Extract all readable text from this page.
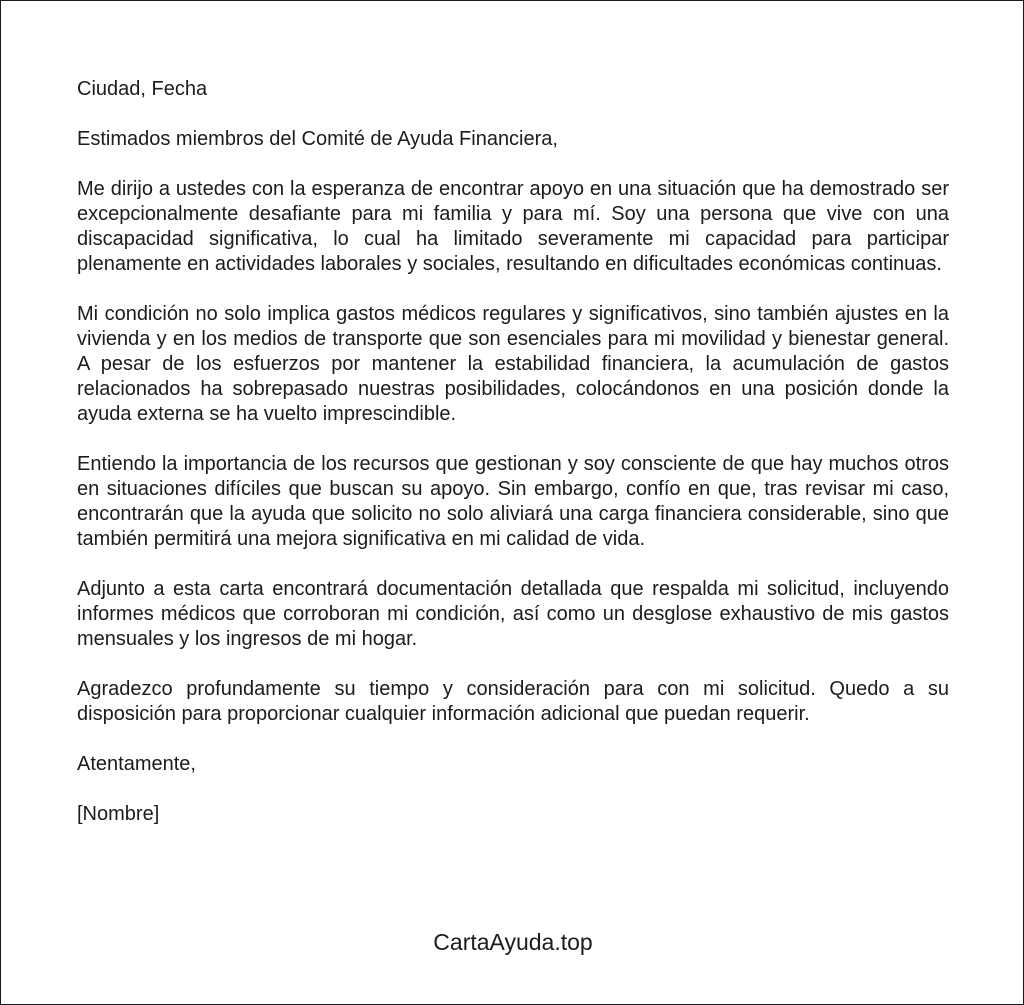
Ciudad, Fecha

Estimados miembros del Comité de Ayuda Financiera,

Me dirijo a ustedes con la esperanza de encontrar apoyo en una situación que ha demostrado ser excepcionalmente desafiante para mi familia y para mí. Soy una persona que vive con una discapacidad significativa, lo cual ha limitado severamente mi capacidad para participar plenamente en actividades laborales y sociales, resultando en dificultades económicas continuas.

Mi condición no solo implica gastos médicos regulares y significativos, sino también ajustes en la vivienda y en los medios de transporte que son esenciales para mi movilidad y bienestar general. A pesar de los esfuerzos por mantener la estabilidad financiera, la acumulación de gastos relacionados ha sobrepasado nuestras posibilidades, colocándonos en una posición donde la ayuda externa se ha vuelto imprescindible.

Entiendo la importancia de los recursos que gestionan y soy consciente de que hay muchos otros en situaciones difíciles que buscan su apoyo. Sin embargo, confío en que, tras revisar mi caso, encontrarán que la ayuda que solicito no solo aliviará una carga financiera considerable, sino que también permitirá una mejora significativa en mi calidad de vida.

Adjunto a esta carta encontrará documentación detallada que respalda mi solicitud, incluyendo informes médicos que corroboran mi condición, así como un desglose exhaustivo de mis gastos mensuales y los ingresos de mi hogar.

Agradezco profundamente su tiempo y consideración para con mi solicitud. Quedo a su disposición para proporcionar cualquier información adicional que puedan requerir.

Atentamente,

[Nombre]

CartaAyuda.top
